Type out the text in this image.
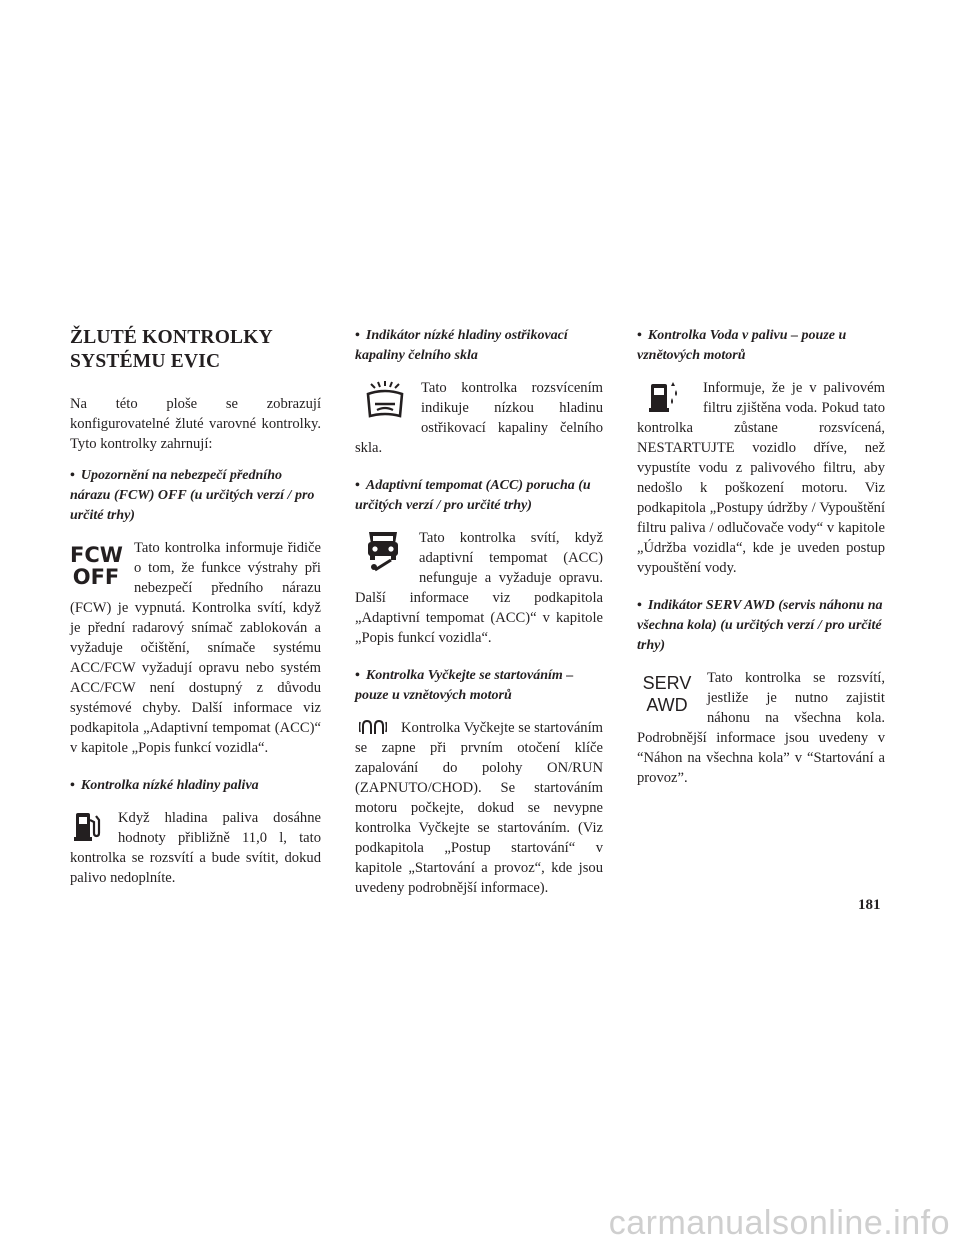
ŽLUTÉ KONTROLKY
SYSTÉMU EVIC

Na této ploše se zobrazují konfigurovatelné žluté varovné kontrolky. Tyto kontrolky zahrnují:

• Upozornění na nebezpečí předního nárazu (FCW) OFF (u určitých verzí / pro určité trhy)

FCW
OFF

Tato kontrolka informuje řidiče o tom, že funkce výstrahy při nebezpečí předního nárazu (FCW) je vypnutá. Kontrolka svítí, když je přední radarový snímač zablokován a vyžaduje očištění, snímače systému ACC/FCW vyžadují opravu nebo systém ACC/FCW není dostupný z důvodu systémové chyby. Další informace viz podkapitola „Adaptivní tempomat (ACC)“ v kapitole „Popis funkcí vozidla“.

• Kontrolka nízké hladiny paliva

Když hladina paliva dosáhne hodnoty přibližně 11,0 l, tato kontrolka se rozsvítí a bude svítit, dokud palivo nedoplníte.

• Indikátor nízké hladiny ostřikovací kapaliny čelního skla

Tato kontrolka rozsvícením indikuje nízkou hladinu ostřikovací kapaliny čelního skla.

• Adaptivní tempomat (ACC) porucha (u určitých verzí / pro určité trhy)

Tato kontrolka svítí, když adaptivní tempomat (ACC) nefunguje a vyžaduje opravu. Další informace viz podkapitola „Adaptivní tempomat (ACC)“ v kapitole „Popis funkcí vozidla“.

• Kontrolka Vyčkejte se startováním – pouze u vznětových motorů

Kontrolka Vyčkejte se startováním se zapne při prvním otočení klíče zapalování do polohy ON/RUN (ZAPNUTO/CHOD). Se startováním motoru počkejte, dokud se nevypne kontrolka Vyčkejte se startováním. (Viz podkapitola „Postup startování“ v kapitole „Startování a provoz“, kde jsou uvedeny podrobnější informace).

• Kontrolka Voda v palivu – pouze u vznětových motorů

Informuje, že je v palivovém filtru zjištěna voda. Pokud tato kontrolka zůstane rozsvícená, NESTARTUJTE vozidlo dříve, než vypustíte vodu z palivového filtru, aby nedošlo k poškození motoru. Viz podkapitola „Postupy údržby / Vypouštění filtru paliva / odlučovače vody“ v kapitole „Údržba vozidla“, kde je uveden postup vypouštění vody.

• Indikátor SERV AWD (servis náhonu na všechna kola) (u určitých verzí / pro určité trhy)

SERV
AWD

Tato kontrolka se rozsvítí, jestliže je nutno zajistit náhonu na všechna kola. Podrobnější informace jsou uvedeny v “Náhon na všechna kola” v “Startování a provoz”.

181
carmanualsonline.info
